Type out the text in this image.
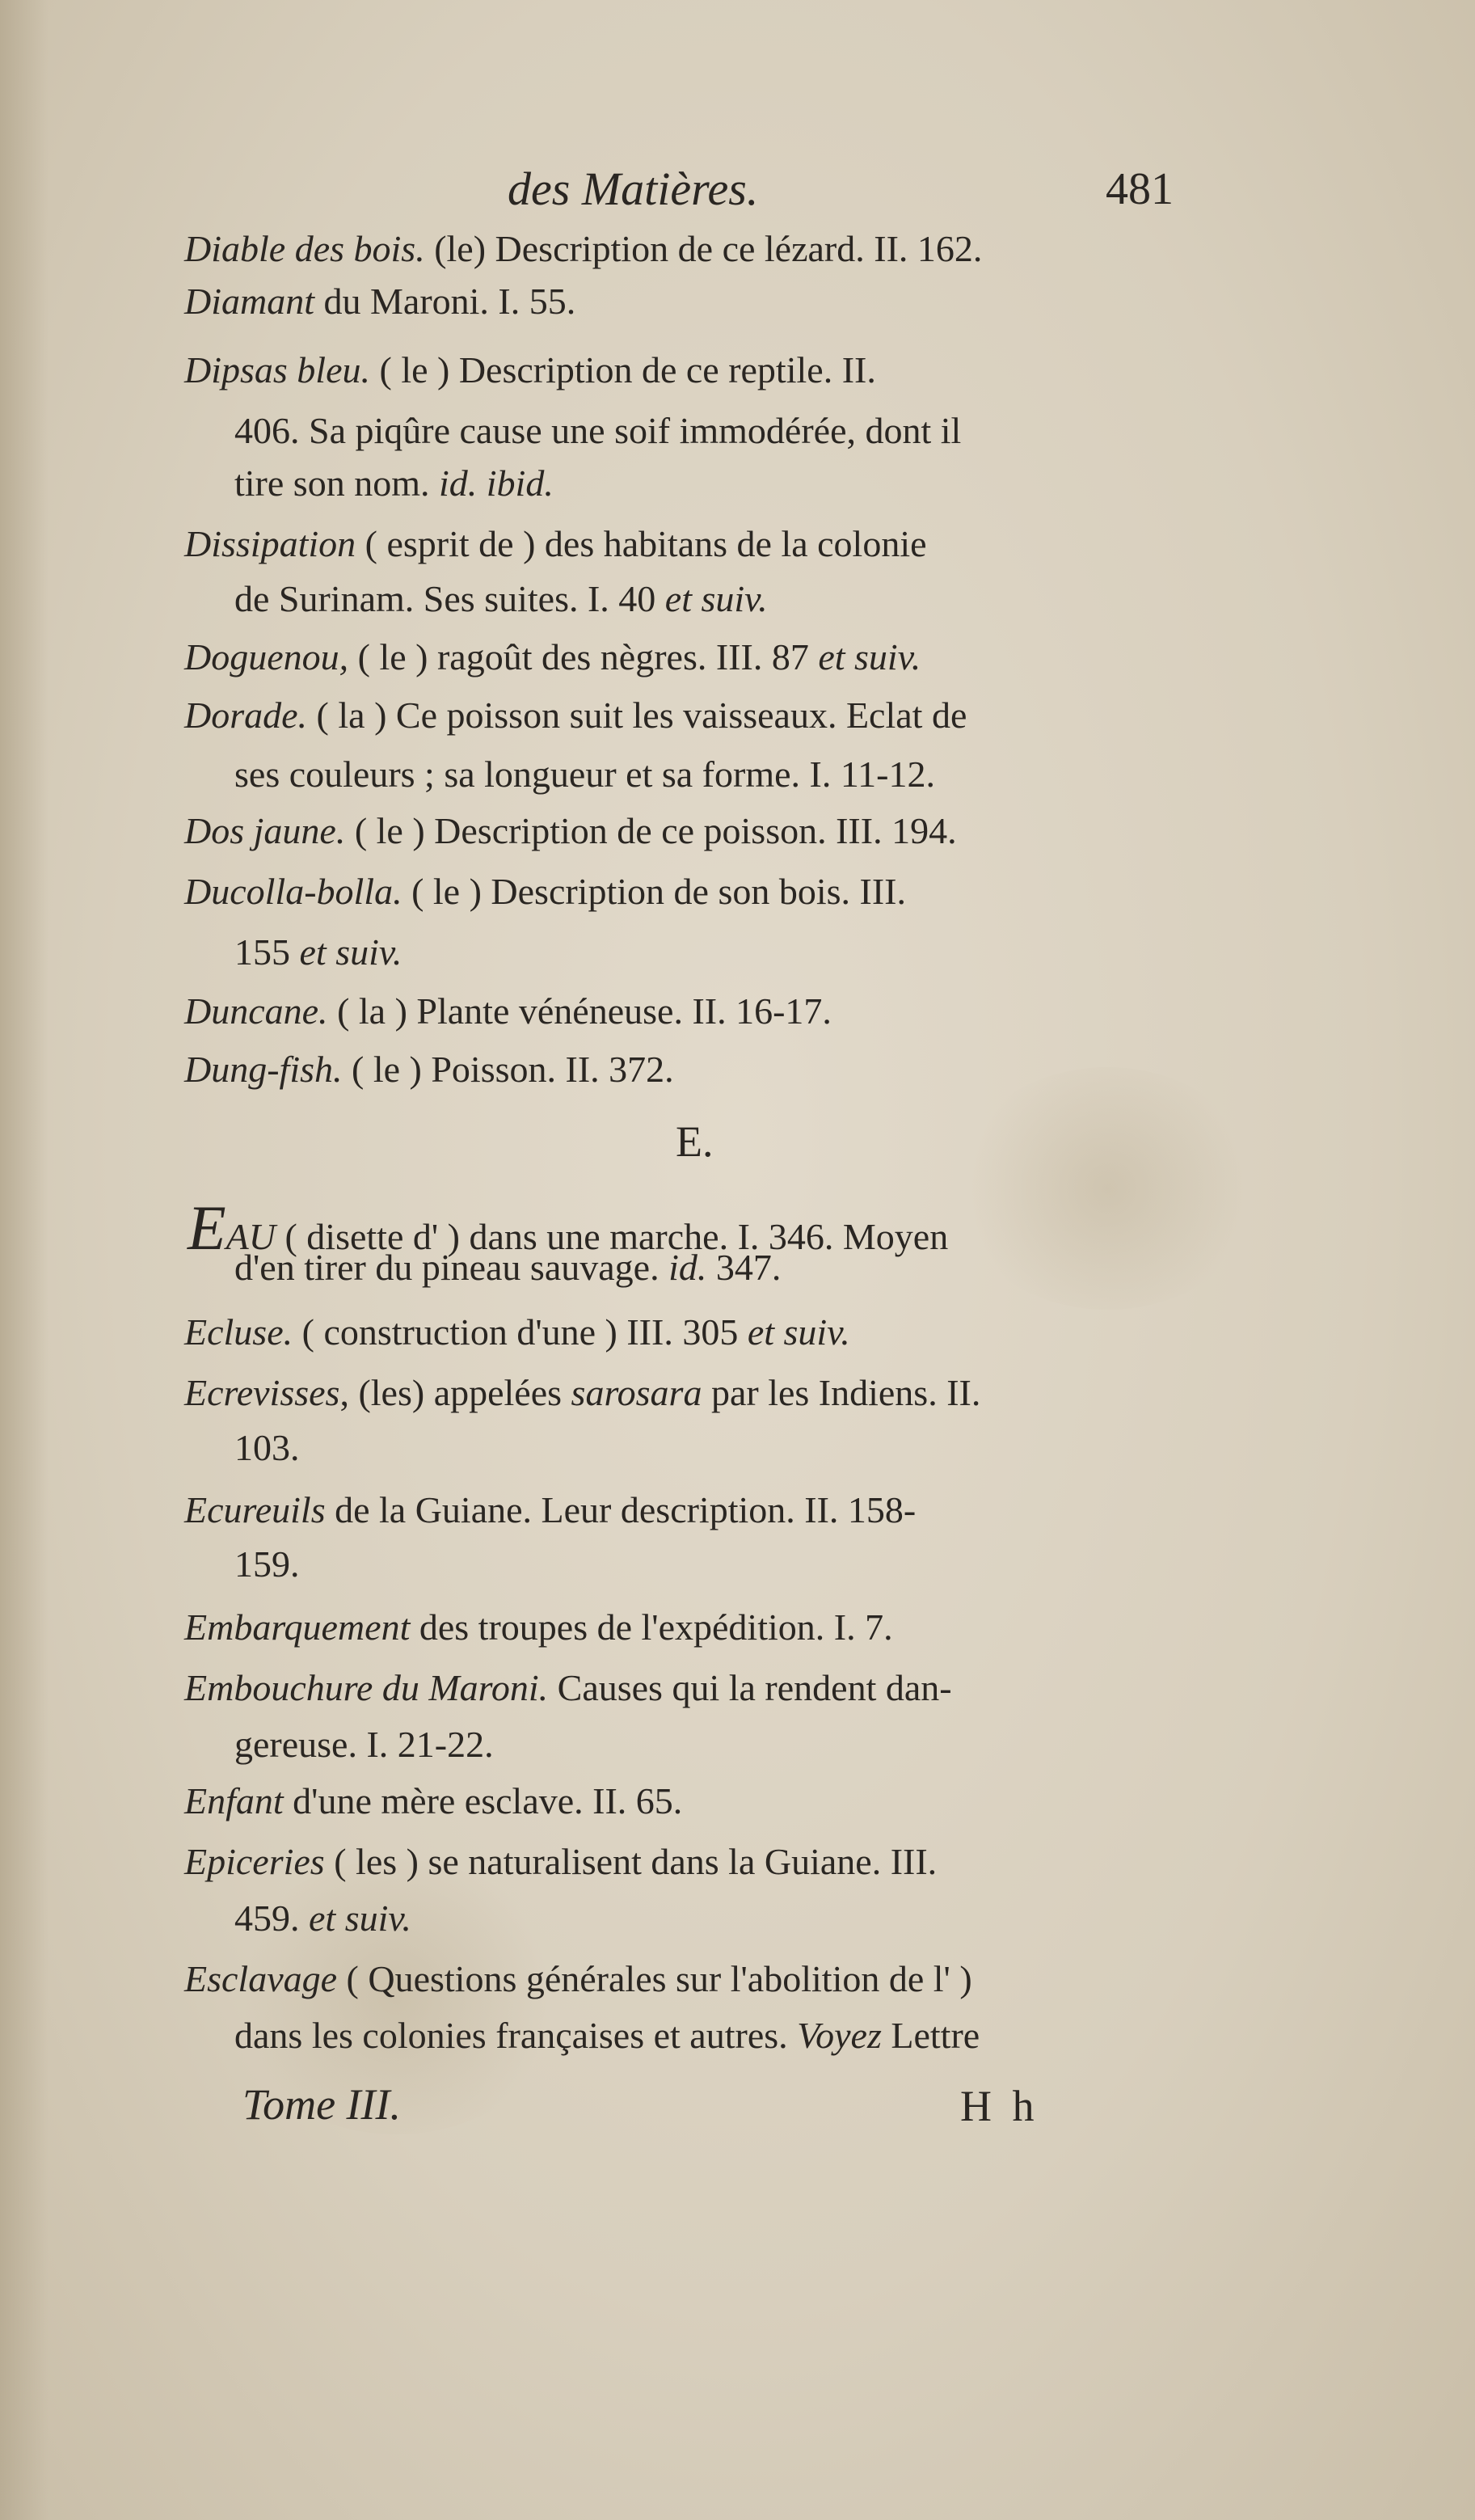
des Matières.	481
Diable des bois. (le) Description de ce lézard. II. 162.
Diamant du Maroni. I. 55.
Dipsas bleu. ( le ) Description de ce reptile. II.
406. Sa piqûre cause une soif immodérée, dont il
tire son nom. id. ibid.
Dissipation ( esprit de ) des habitans de la colonie
de Surinam. Ses suites. I. 40 et suiv.
Doguenou, ( le ) ragoût des nègres. III. 87 et suiv.
Dorade. ( la ) Ce poisson suit les vaisseaux. Eclat de
ses couleurs ; sa longueur et sa forme. I. 11-12.
Dos jaune. ( le ) Description de ce poisson. III. 194.
Ducolla-bolla. ( le ) Description de son bois. III.
155 et suiv.
Duncane. ( la ) Plante vénéneuse. II. 16-17.
Dung-fish. ( le ) Poisson. II. 372.
E.
EAU ( disette d' ) dans une marche. I. 346. Moyen
d'en tirer du pineau sauvage. id. 347.
Ecluse. ( construction d'une ) III. 305 et suiv.
Ecrevisses, (les) appelées sarosara par les Indiens. II.
103.
Ecureuils de la Guiane. Leur description. II. 158-
159.
Embarquement des troupes de l'expédition. I. 7.
Embouchure du Maroni. Causes qui la rendent dan-
gereuse. I. 21-22.
Enfant d'une mère esclave. II. 65.
Epiceries ( les ) se naturalisent dans la Guiane. III.
459. et suiv.
Esclavage ( Questions générales sur l'abolition de l' )
dans les colonies françaises et autres. Voyez Lettre
Tome III.	H h
